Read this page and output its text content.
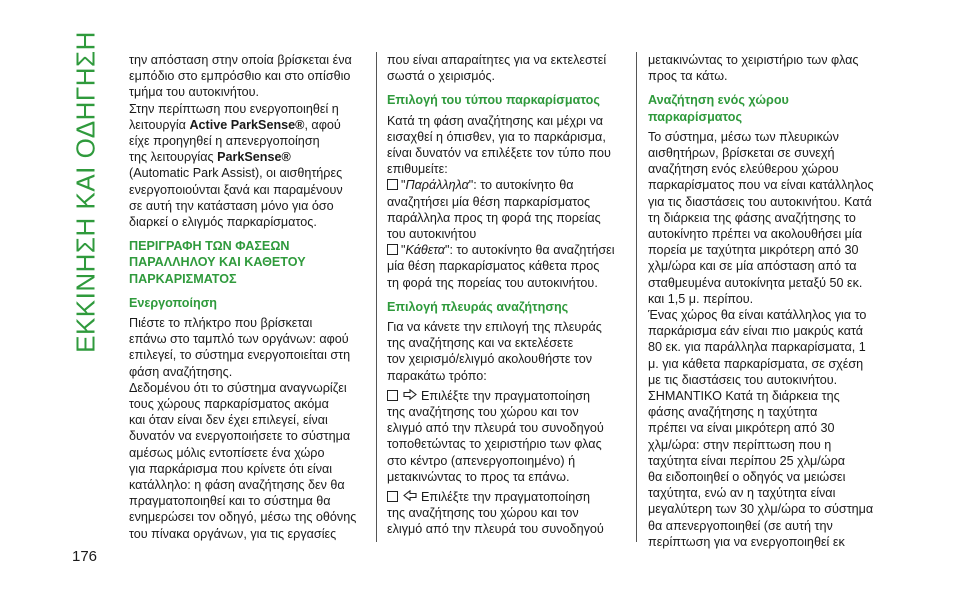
ΕΚΚΙΝΗΣΗ ΚΑΙ ΟΔΗΓΗΣΗ
176
την απόσταση στην οποία βρίσκεται ένα
εμπόδιο στο εμπρόσθιο και στο οπίσθιο
τμήμα του αυτοκινήτου.
Στην περίπτωση που ενεργοποιηθεί η
λειτουργία Active ParkSense®, αφού
είχε προηγηθεί η απενεργοποίηση
της λειτουργίας ParkSense®
(Automatic Park Assist), οι αισθητήρες
ενεργοποιούνται ξανά και παραμένουν
σε αυτή την κατάσταση μόνο για όσο
διαρκεί ο ελιγμός παρκαρίσματος.
ΠΕΡΙΓΡΑΦΗ ΤΩΝ ΦΑΣΕΩΝ
ΠΑΡΑΛΛΗΛΟΥ ΚΑΙ ΚΑΘΕΤΟΥ
ΠΑΡΚΑΡΙΣΜΑΤΟΣ
Ενεργοποίηση
Πιέστε το πλήκτρο που βρίσκεται
επάνω στο ταμπλό των οργάνων: αφού
επιλεγεί, το σύστημα ενεργοποιείται στη
φάση αναζήτησης.
Δεδομένου ότι το σύστημα αναγνωρίζει
τους χώρους παρκαρίσματος ακόμα
και όταν είναι δεν έχει επιλεγεί, είναι
δυνατόν να ενεργοποιήσετε το σύστημα
αμέσως μόλις εντοπίσετε ένα χώρο
για παρκάρισμα που κρίνετε ότι είναι
κατάλληλο: η φάση αναζήτησης δεν θα
πραγματοποιηθεί και το σύστημα θα
ενημερώσει τον οδηγό, μέσω της οθόνης
του πίνακα οργάνων, για τις εργασίες
που είναι απαραίτητες για να εκτελεστεί
σωστά ο χειρισμός.
Επιλογή του τύπου παρκαρίσματος
Κατά τη φάση αναζήτησης και μέχρι να
εισαχθεί η όπισθεν, για το παρκάρισμα,
είναι δυνατόν να επιλέξετε τον τύπο που
επιθυμείτε:
"Παράλληλα": το αυτοκίνητο θα
αναζητήσει μία θέση παρκαρίσματος
παράλληλα προς τη φορά της πορείας
του αυτοκινήτου
"Κάθετα": το αυτοκίνητο θα αναζητήσει
μία θέση παρκαρίσματος κάθετα προς
τη φορά της πορείας του αυτοκινήτου.
Επιλογή πλευράς αναζήτησης
Για να κάνετε την επιλογή της πλευράς
της αναζήτησης και να εκτελέσετε
τον χειρισμό/ελιγμό ακολουθήστε τον
παρακάτω τρόπο:
Επιλέξτε την πραγματοποίηση
της αναζήτησης του χώρου και τον
ελιγμό από την πλευρά του συνοδηγού
τοποθετώντας το χειριστήριο των φλας
στο κέντρο (απενεργοποιημένο) ή
μετακινώντας το προς τα επάνω.
Επιλέξτε την πραγματοποίηση
της αναζήτησης του χώρου και τον
ελιγμό από την πλευρά του συνοδηγού
μετακινώντας το χειριστήριο των φλας
προς τα κάτω.
Αναζήτηση ενός χώρου
παρκαρίσματος
Το σύστημα, μέσω των πλευρικών
αισθητήρων, βρίσκεται σε συνεχή
αναζήτηση ενός ελεύθερου χώρου
παρκαρίσματος που να είναι κατάλληλος
για τις διαστάσεις του αυτοκινήτου. Κατά
τη διάρκεια της φάσης αναζήτησης το
αυτοκίνητο πρέπει να ακολουθήσει μία
πορεία με ταχύτητα μικρότερη από 30
χλμ/ώρα και σε μία απόσταση από τα
σταθμευμένα αυτοκίνητα μεταξύ 50 εκ.
και 1,5 μ. περίπου.
Ένας χώρος θα είναι κατάλληλος για το
παρκάρισμα εάν είναι πιο μακρύς κατά
80 εκ. για παράλληλα παρκαρίσματα, 1
μ. για κάθετα παρκαρίσματα, σε σχέση
με τις διαστάσεις του αυτοκινήτου.
ΣΗΜΑΝΤΙΚΟ Κατά τη διάρκεια της
φάσης αναζήτησης η ταχύτητα
πρέπει να είναι μικρότερη από 30
χλμ/ώρα: στην περίπτωση που η
ταχύτητα είναι περίπου 25 χλμ/ώρα
θα ειδοποιηθεί ο οδηγός να μειώσει
ταχύτητα, ενώ αν η ταχύτητα είναι
μεγαλύτερη των 30 χλμ/ώρα το σύστημα
θα απενεργοποιηθεί (σε αυτή την
περίπτωση για να ενεργοποιηθεί εκ
